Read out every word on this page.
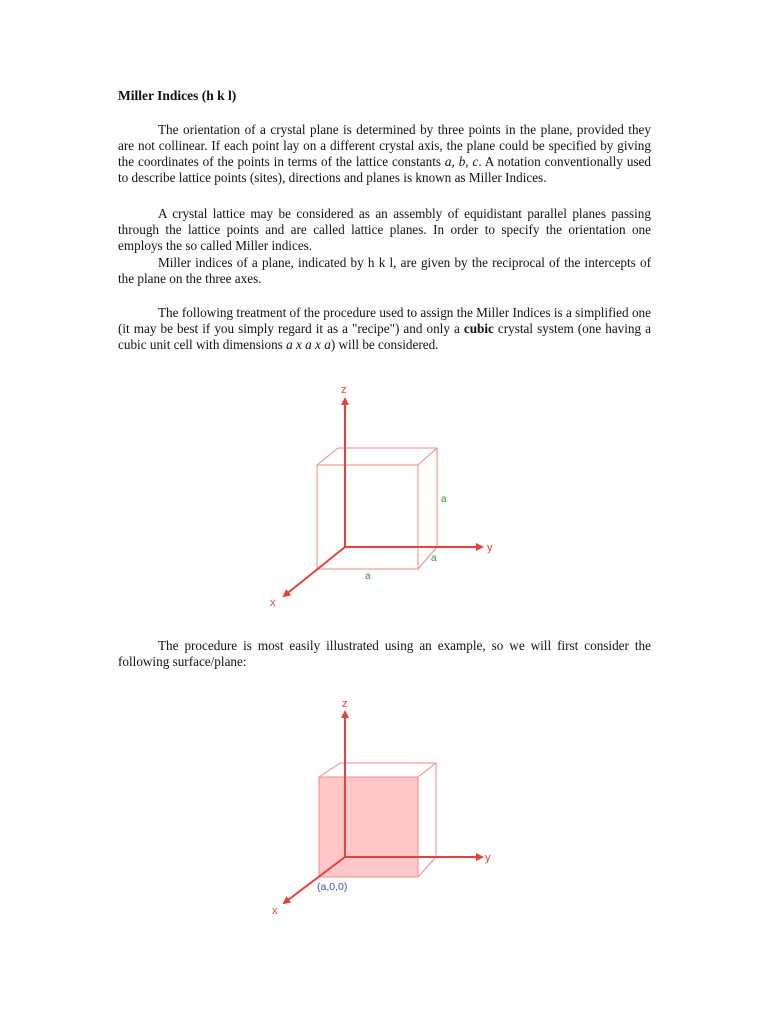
Miller Indices (h k l)

The orientation of a crystal plane is determined by three points in the plane, provided they are not collinear. If each point lay on a different crystal axis, the plane could be specified by giving the coordinates of the points in terms of the lattice constants a, b, c. A notation conventionally used to describe lattice points (sites), directions and planes is known as Miller Indices.

A crystal lattice may be considered as an assembly of equidistant parallel planes passing through the lattice points and are called lattice planes. In order to specify the orientation one employs the so called Miller indices.

Miller indices of a plane, indicated by h k l, are given by the reciprocal of the intercepts of the plane on the three axes.

The following treatment of the procedure used to assign the Miller Indices is a simplified one (it may be best if you simply regard it as a "recipe") and only a cubic crystal system (one having a cubic unit cell with dimensions a x a x a) will be considered.

z
y
x
a
a
a

The procedure is most easily illustrated using an example, so we will first consider the following surface/plane:

z
y
x
(a,0,0)
